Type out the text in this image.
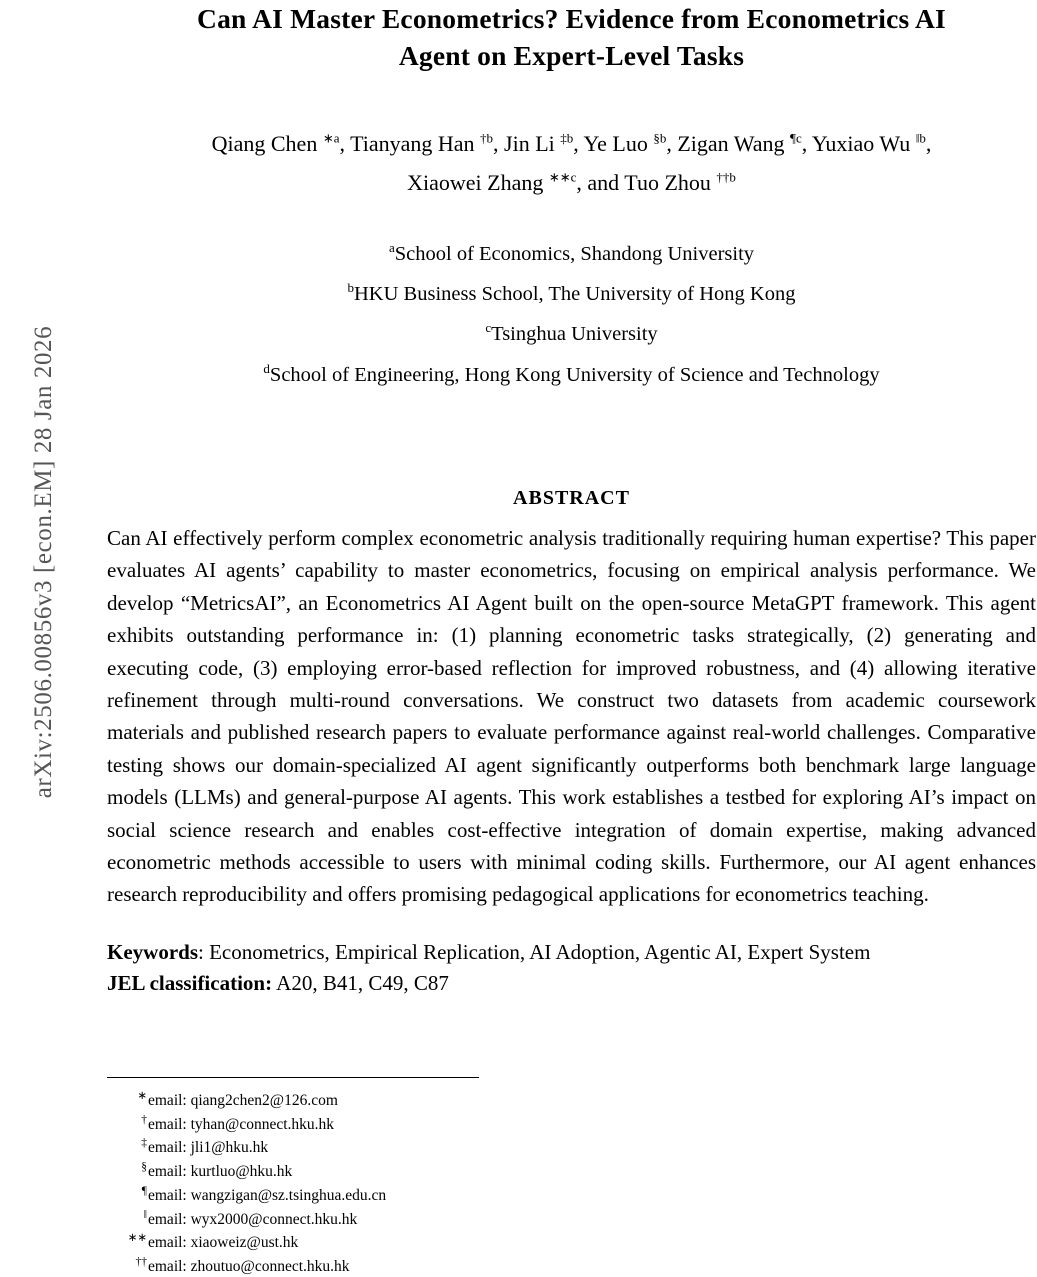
arXiv:2506.00856v3 [econ.EM] 28 Jan 2026
Can AI Master Econometrics? Evidence from Econometrics AI
Agent on Expert-Level Tasks
Qiang Chen $^{∗a}$, Tianyang Han $^{\dagger b}$, Jin Li $^{\ddagger b}$, Ye Luo $^{\S b}$, Zigan Wang $^{\P c}$, Yuxiao Wu $^{‖b}$,
Xiaowei Zhang $^{∗∗c}$, and Tuo Zhou $^{\dagger\dagger b}$
$^a$School of Economics, Shandong University
$^b$HKU Business School, The University of Hong Kong
$^c$Tsinghua University
$^d$School of Engineering, Hong Kong University of Science and Technology
ABSTRACT
Can AI effectively perform complex econometric analysis traditionally requiring human expertise? This paper evaluates AI agents’ capability to master econometrics, focusing on empirical analysis performance. We develop “MetricsAI”, an Econometrics AI Agent built on the open-source MetaGPT framework. This agent exhibits outstanding performance in: (1) planning econometric tasks strategically, (2) generating and executing code, (3) employing error-based reflection for improved robustness, and (4) allowing iterative refinement through multi-round conversations. We construct two datasets from academic coursework materials and published research papers to evaluate performance against real-world challenges. Comparative testing shows our domain-specialized AI agent significantly outperforms both benchmark large language models (LLMs) and general-purpose AI agents. This work establishes a testbed for exploring AI’s impact on social science research and enables cost-effective integration of domain expertise, making advanced econometric methods accessible to users with minimal coding skills. Furthermore, our AI agent enhances research reproducibility and offers promising pedagogical applications for econometrics teaching.
Keywords: Econometrics, Empirical Replication, AI Adoption, Agentic AI, Expert System
JEL classification: A20, B41, C49, C87
∗email: qiang2chen2@126.com
†email: tyhan@connect.hku.hk
‡email: jli1@hku.hk
§email: kurtluo@hku.hk
¶email: wangzigan@sz.tsinghua.edu.cn
‖email: wyx2000@connect.hku.hk
∗∗email: xiaoweiz@ust.hk
††email: zhoutuo@connect.hku.hk
